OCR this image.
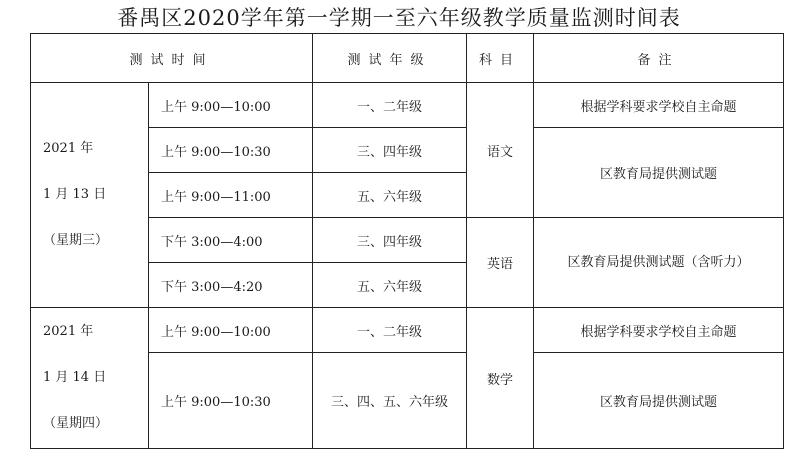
番禺区2020学年第一学期一至六年级教学质量监测时间表
测试时间		测试年级	科目	备注

2021 年
1 月 13 日
（星期三）	上午 9:00—10:00	一、二年级	语文	根据学科要求学校自主命题
	上午 9:00—10:30	三、四年级		区教育局提供测试题
	上午 9:00—11:00	五、六年级		
	下午 3:00—4:00	三、四年级	英语	区教育局提供测试题（含听力）
	下午 3:00—4:20	五、六年级		

2021 年
1 月 14 日
（星期四）	上午 9:00—10:00	一、二年级	数学	根据学科要求学校自主命题
	上午 9:00—10:30	三、四、五、六年级		区教育局提供测试题
